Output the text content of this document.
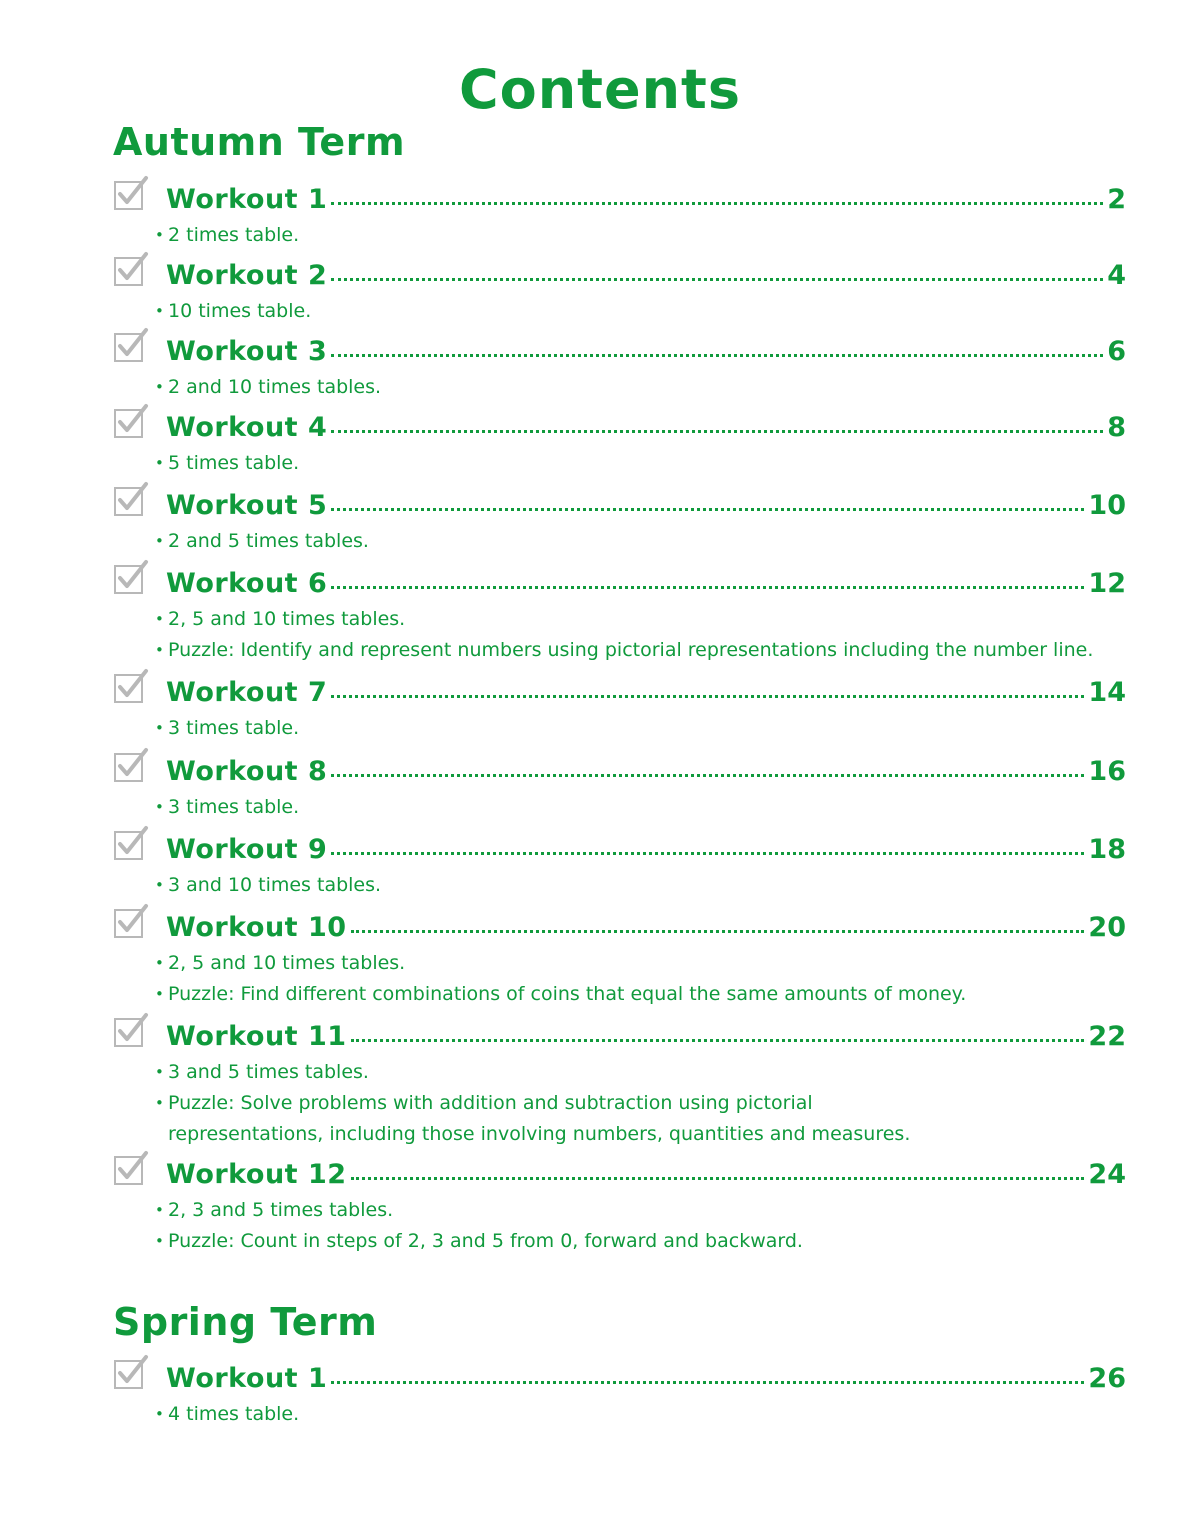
Contents
Autumn Term
Workout 1	2
• 2 times table.
Workout 2	4
• 10 times table.
Workout 3	6
• 2 and 10 times tables.
Workout 4	8
• 5 times table.
Workout 5	10
• 2 and 5 times tables.
Workout 6	12
• 2, 5 and 10 times tables.
• Puzzle: Identify and represent numbers using pictorial representations including the number line.
Workout 7	14
• 3 times table.
Workout 8	16
• 3 times table.
Workout 9	18
• 3 and 10 times tables.
Workout 10	20
• 2, 5 and 10 times tables.
• Puzzle: Find different combinations of coins that equal the same amounts of money.
Workout 11	22
• 3 and 5 times tables.
• Puzzle: Solve problems with addition and subtraction using pictorial representations, including those involving numbers, quantities and measures.
Workout 12	24
• 2, 3 and 5 times tables.
• Puzzle: Count in steps of 2, 3 and 5 from 0, forward and backward.
Spring Term
Workout 1	26
• 4 times table.
